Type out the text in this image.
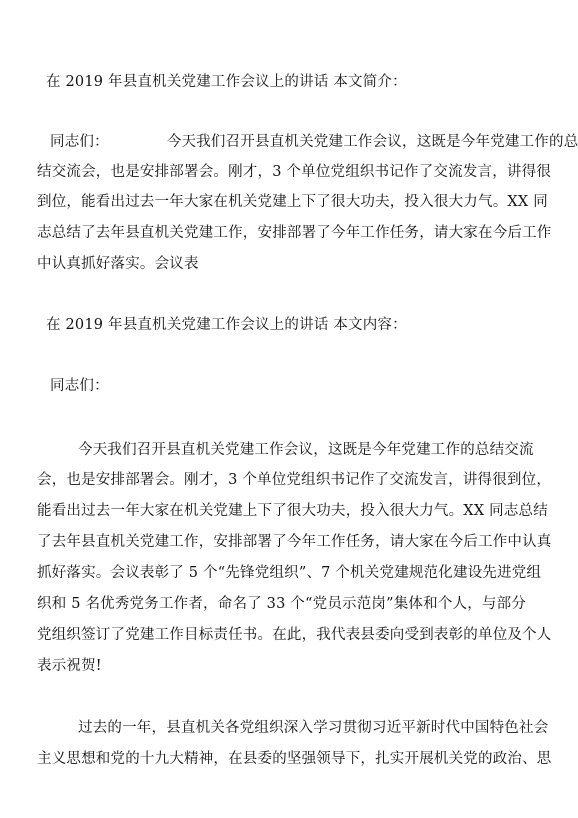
在 2019 年县直机关党建工作会议上的讲话 本文简介：
同志们：	今天我们召开县直机关党建工作会议，这既是今年党建工作的总
结交流会，也是安排部署会。刚才，3 个单位党组织书记作了交流发言，讲得很
到位，能看出过去一年大家在机关党建上下了很大功夫，投入很大力气。XX 同
志总结了去年县直机关党建工作，安排部署了今年工作任务，请大家在今后工作
中认真抓好落实。会议表
在 2019 年县直机关党建工作会议上的讲话 本文内容：
同志们：
今天我们召开县直机关党建工作会议，这既是今年党建工作的总结交流
会，也是安排部署会。刚才，3 个单位党组织书记作了交流发言，讲得很到位，
能看出过去一年大家在机关党建上下了很大功夫，投入很大力气。XX 同志总结
了去年县直机关党建工作，安排部署了今年工作任务，请大家在今后工作中认真
抓好落实。会议表彰了 5 个“先锋党组织”、7 个机关党建规范化建设先进党组
织和 5 名优秀党务工作者，命名了 33 个“党员示范岗”集体和个人，与部分
党组织签订了党建工作目标责任书。在此，我代表县委向受到表彰的单位及个人
表示祝贺!
过去的一年，县直机关各党组织深入学习贯彻习近平新时代中国特色社会
主义思想和党的十九大精神，在县委的坚强领导下，扎实开展机关党的政治、思
